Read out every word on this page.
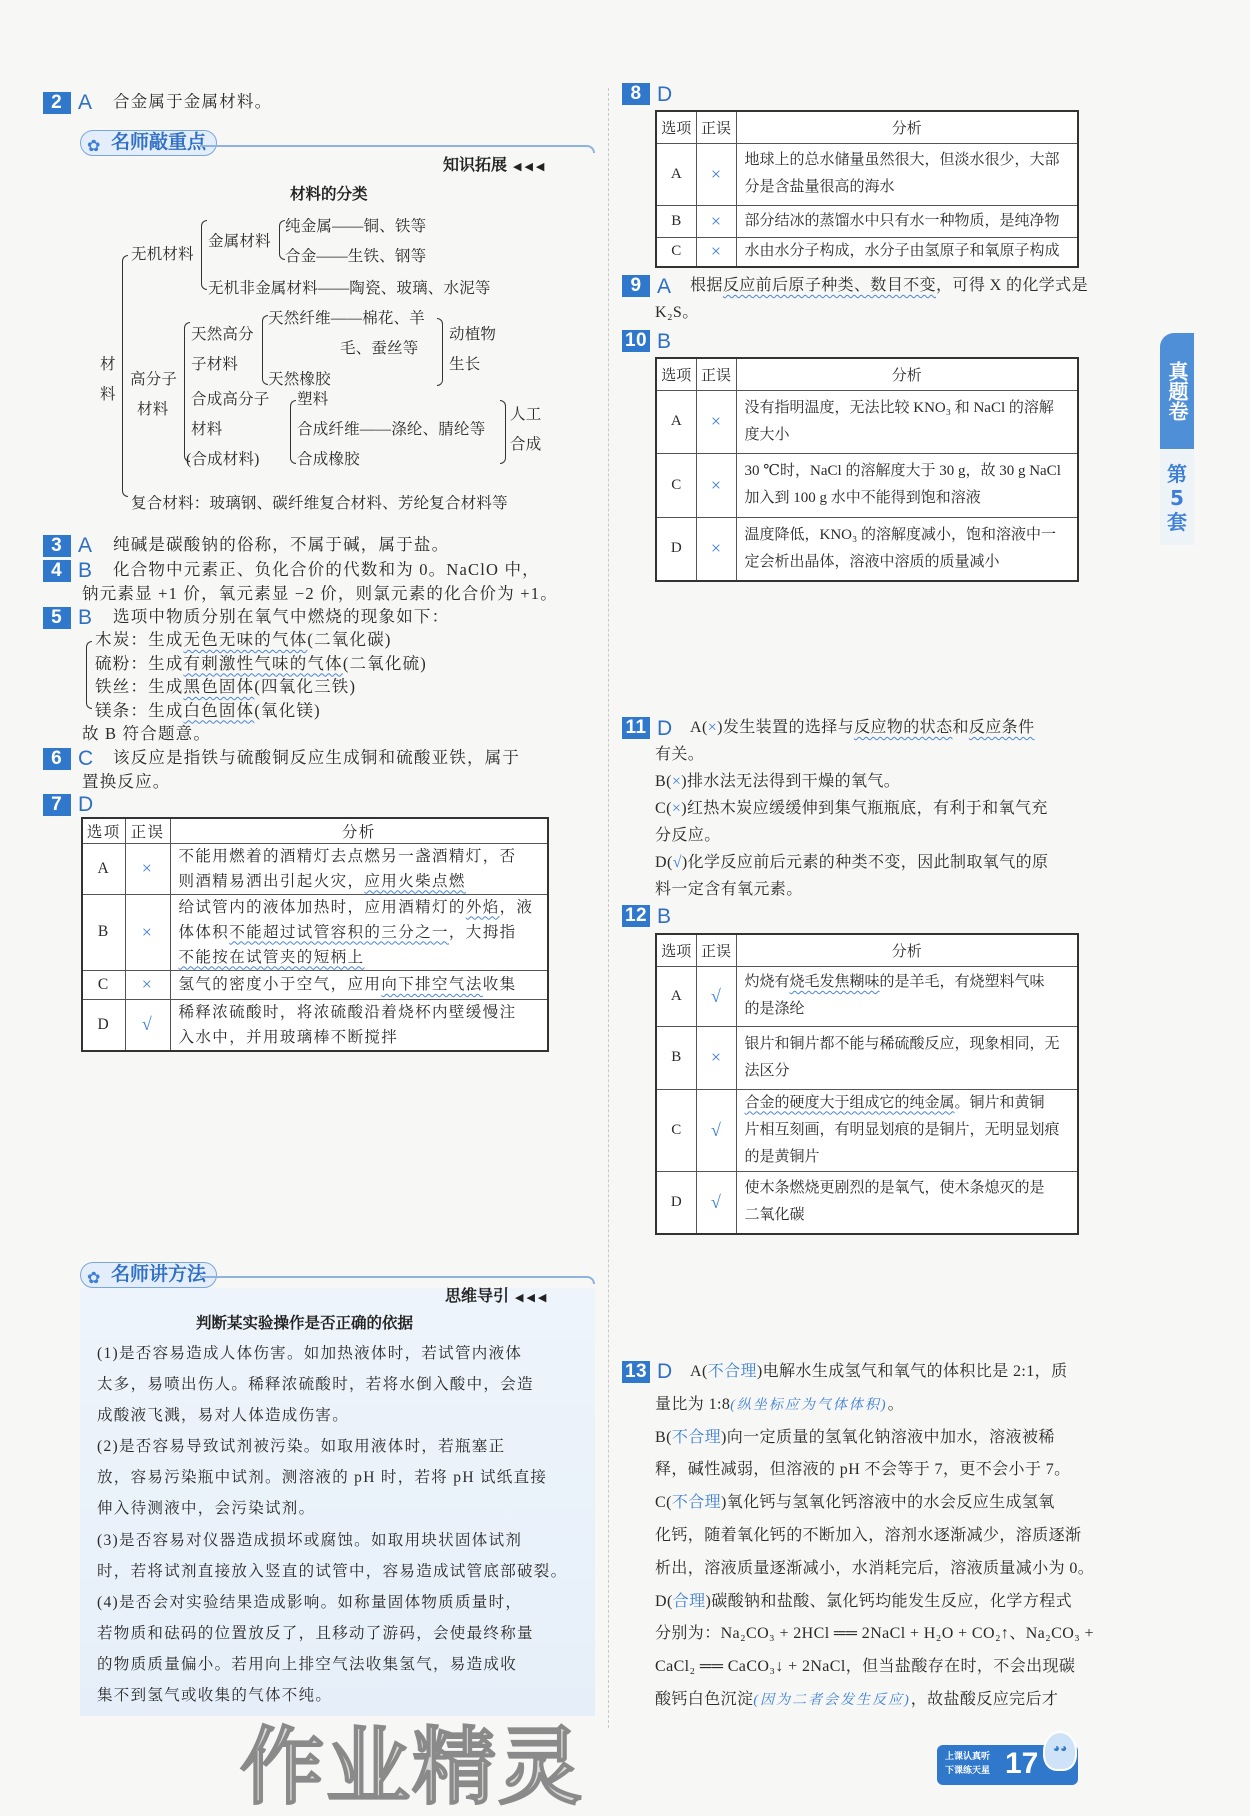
作业精灵
2 A 合金属于金属材料。
✿ 名师敲重点
知识拓展 ◀◀◀
材料的分类
材
料
无机材料
金属材料
纯金属——铜、铁等
合金——生铁、钢等
无机非金属材料——陶瓷、玻璃、水泥等
高分子
材料
天然高分
子材料
天然纤维——棉花、羊
毛、蚕丝等
天然橡胶
动植物
生长
合成高分子
材料
(合成材料)
塑料
合成纤维——涤纶、腈纶等
合成橡胶
人工
合成
复合材料：玻璃钢、碳纤维复合材料、芳纶复合材料等
3 A 纯碱是碳酸钠的俗称，不属于碱，属于盐。
4 B 化合物中元素正、负化合价的代数和为 0。NaClO 中，
钠元素显 +1 价，氧元素显 −2 价，则氯元素的化合价为 +1。
5 B 选项中物质分别在氧气中燃烧的现象如下：
木炭：生成无色无味的气体(二氧化碳)
硫粉：生成有刺激性气味的气体(二氧化硫)
铁丝：生成黑色固体(四氧化三铁)
镁条：生成白色固体(氧化镁)
故 B 符合题意。
6 C 该反应是指铁与硫酸铜反应生成铜和硫酸亚铁，属于
置换反应。
7 D
选项	正误	分析
A	×	不能用燃着的酒精灯去点燃另一盏酒精灯，否
则酒精易洒出引起火灾，应用火柴点燃

B	×	给试管内的液体加热时，应用酒精灯的外焰，液
体体积不能超过试管容积的三分之一，大拇指
不能按在试管夹的短柄上

C	×	氢气的密度小于空气，应用向下排空气法收集

D	√	稀释浓硫酸时，将浓硫酸沿着烧杯内壁缓慢注
入水中，并用玻璃棒不断搅拌
✿ 名师讲方法
思维导引 ◀◀◀
判断某实验操作是否正确的依据
(1)是否容易造成人体伤害。如加热液体时，若试管内液体
太多，易喷出伤人。稀释浓硫酸时，若将水倒入酸中，会造
成酸液飞溅，易对人体造成伤害。
(2)是否容易导致试剂被污染。如取用液体时，若瓶塞正
放，容易污染瓶中试剂。测溶液的 pH 时，若将 pH 试纸直接
伸入待测液中，会污染试剂。
(3)是否容易对仪器造成损坏或腐蚀。如取用块状固体试剂
时，若将试剂直接放入竖直的试管中，容易造成试管底部破裂。
(4)是否会对实验结果造成影响。如称量固体物质质量时，
若物质和砝码的位置放反了，且移动了游码，会使最终称量
的物质质量偏小。若用向上排空气法收集氢气，易造成收
集不到氢气或收集的气体不纯。
8 D
选项	正误	分析
A	×	地球上的总水储量虽然很大，但淡水很少，大部
分是含盐量很高的海水

B	×	部分结冰的蒸馏水中只有水一种物质，是纯净物

C	×	水由水分子构成，水分子由氢原子和氧原子构成
9 A 根据反应前后原子种类、数目不变，可得 X 的化学式是
K₂S。
10 B
选项	正误	分析
A	×	没有指明温度，无法比较 KNO₃ 和 NaCl 的溶解
度大小

C	×	30 ℃时，NaCl 的溶解度大于 30 g，故 30 g NaCl
加入到 100 g 水中不能得到饱和溶液

D	×	温度降低，KNO₃ 的溶解度减小，饱和溶液中一
定会析出晶体，溶液中溶质的质量减小
11 D A(×)发生装置的选择与反应物的状态和反应条件
有关。
B(×)排水法无法得到干燥的氧气。
C(×)红热木炭应缓缓伸到集气瓶瓶底，有利于和氧气充
分反应。
D(√)化学反应前后元素的种类不变，因此制取氧气的原
料一定含有氧元素。
12 B
选项	正误	分析
A	√	灼烧有烧毛发焦糊味的是羊毛，有烧塑料气味
的是涤纶

B	×	银片和铜片都不能与稀硫酸反应，现象相同，无
法区分

C	√	合金的硬度大于组成它的纯金属。铜片和黄铜
片相互刻画，有明显划痕的是铜片，无明显划痕
的是黄铜片

D	√	使木条燃烧更剧烈的是氧气，使木条熄灭的是
二氧化碳
13 D A(不合理)电解水生成氢气和氧气的体积比是 2:1，质
量比为 1:8(纵坐标应为气体体积)。
B(不合理)向一定质量的氢氧化钠溶液中加水，溶液被稀
释，碱性减弱，但溶液的 pH 不会等于 7，更不会小于 7。
C(不合理)氧化钙与氢氧化钙溶液中的水会反应生成氢氧
化钙，随着氧化钙的不断加入，溶剂水逐渐减少，溶质逐渐
析出，溶液质量逐渐减小，水消耗完后，溶液质量减小为 0。
D(合理)碳酸钠和盐酸、氯化钙均能发生反应，化学方程式
分别为：Na₂CO₃ + 2HCl ══ 2NaCl + H₂O + CO₂↑、Na₂CO₃ +
CaCl₂ ══ CaCO₃↓ + 2NaCl，但当盐酸存在时，不会出现碳
酸钙白色沉淀(因为二者会发生反应)，故盐酸反应完后才
真题卷
第
5
套
上课认真听
下课练天星 17	◕◕
